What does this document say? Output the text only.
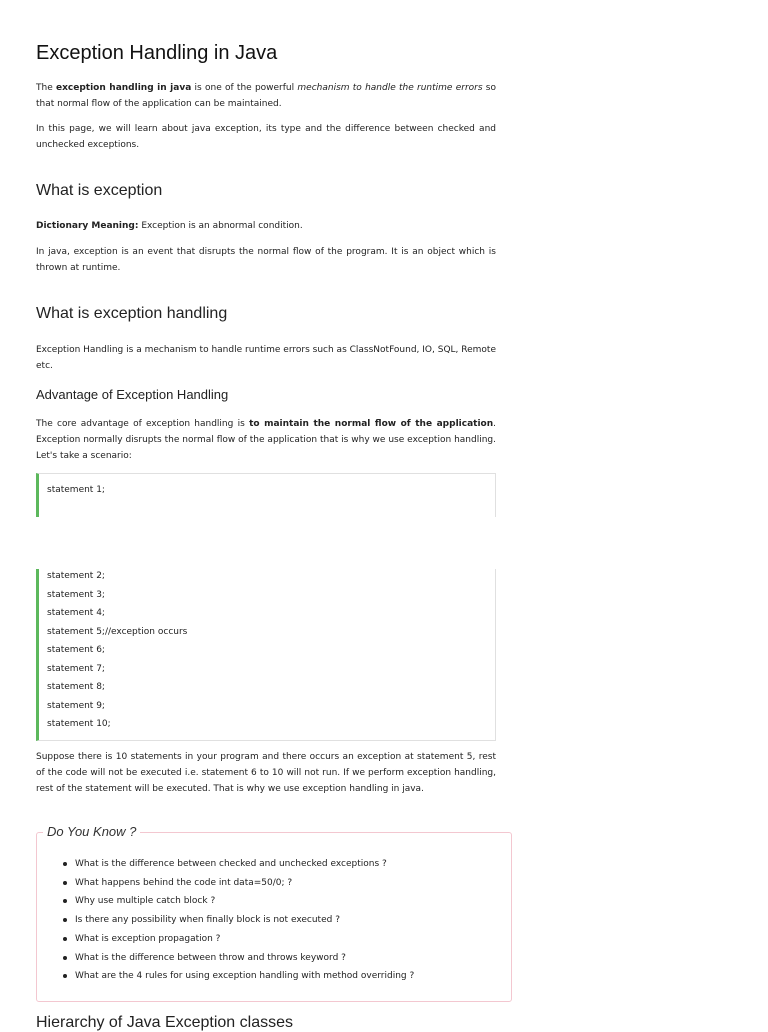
Exception Handling in Java

The exception handling in java is one of the powerful mechanism to handle the runtime errors so that normal flow of the application can be maintained.

In this page, we will learn about java exception, its type and the difference between checked and unchecked exceptions.

What is exception

Dictionary Meaning: Exception is an abnormal condition.

In java, exception is an event that disrupts the normal flow of the program. It is an object which is thrown at runtime.

What is exception handling

Exception Handling is a mechanism to handle runtime errors such as ClassNotFound, IO, SQL, Remote etc.

Advantage of Exception Handling

The core advantage of exception handling is to maintain the normal flow of the application. Exception normally disrupts the normal flow of the application that is why we use exception handling. Let's take a scenario:

statement 1;
statement 2;
statement 3;
statement 4;
statement 5;//exception occurs
statement 6;
statement 7;
statement 8;
statement 9;
statement 10;

Suppose there is 10 statements in your program and there occurs an exception at statement 5, rest of the code will not be executed i.e. statement 6 to 10 will not run. If we perform exception handling, rest of the statement will be executed. That is why we use exception handling in java.

Do You Know ?
What is the difference between checked and unchecked exceptions ?
What happens behind the code int data=50/0; ?
Why use multiple catch block ?
Is there any possibility when finally block is not executed ?
What is exception propagation ?
What is the difference between throw and throws keyword ?
What are the 4 rules for using exception handling with method overriding ?
Hierarchy of Java Exception classes
